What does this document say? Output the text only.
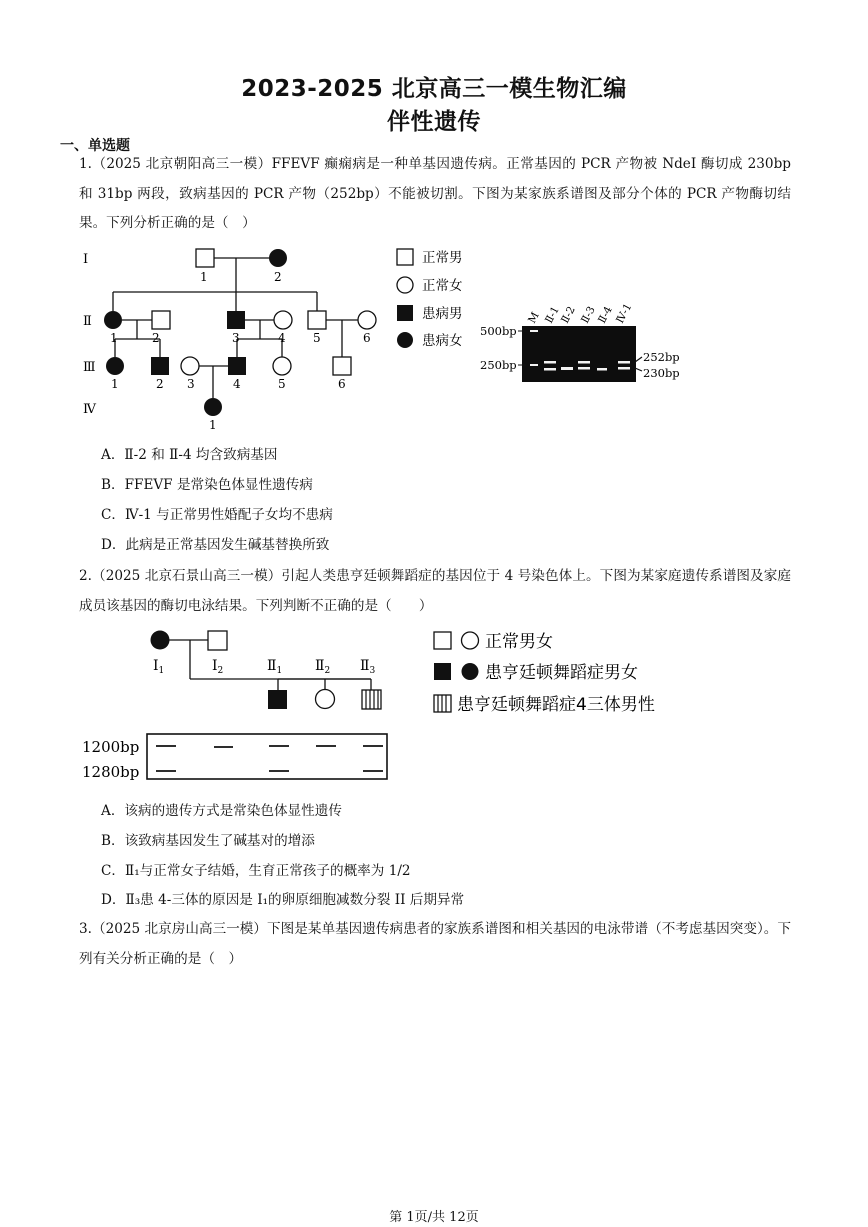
2023-2025 北京高三一模生物汇编
伴性遗传
一、单选题
1.（2025 北京朝阳高三一模）FFEVF 癫痫病是一种单基因遗传病。正常基因的 PCR 产物被 NdeI 酶切成 230bp 和 31bp 两段，致病基因的 PCR 产物（252bp）不能被切割。下图为某家族系谱图及部分个体的 PCR 产物酶切结果。下列分析正确的是（　）
I
Ⅱ
Ⅲ
Ⅳ
1	2
1	2	3	4 5	6
1	2 3	4	5	6
1
正常男
正常女
患病男
患病女
M Ⅱ-1
Ⅱ-2 Ⅱ-3
Ⅱ-4 Ⅳ-1
500bp
250bp
252bp
230bp
A．Ⅱ-2 和 Ⅱ-4 均含致病基因
B．FFEVF 是常染色体显性遗传病
C．Ⅳ-1 与正常男性婚配子女均不患病
D．此病是正常基因发生碱基替换所致
2.（2025 北京石景山高三一模）引起人类患亨廷顿舞蹈症的基因位于 4 号染色体上。下图为某家庭遗传系谱图及家庭成员该基因的酶切电泳结果。下列判断不正确的是（　　）
$I_1$	$I_2$	$Ⅱ_1$ $Ⅱ_2$ $Ⅱ_3$
正常男女
患亨廷顿舞蹈症男女
患亨廷顿舞蹈症4三体男性
1200bp
1280bp
A．该病的遗传方式是常染色体显性遗传
B．该致病基因发生了碱基对的增添
C．Ⅱ₁与正常女子结婚，生育正常孩子的概率为 1/2
D．Ⅱ₃患 4-三体的原因是 I₁的卵原细胞减数分裂 II 后期异常
3.（2025 北京房山高三一模）下图是某单基因遗传病患者的家族系谱图和相关基因的电泳带谱（不考虑基因突变）。下列有关分析正确的是（　）
第 1页/共 12页
